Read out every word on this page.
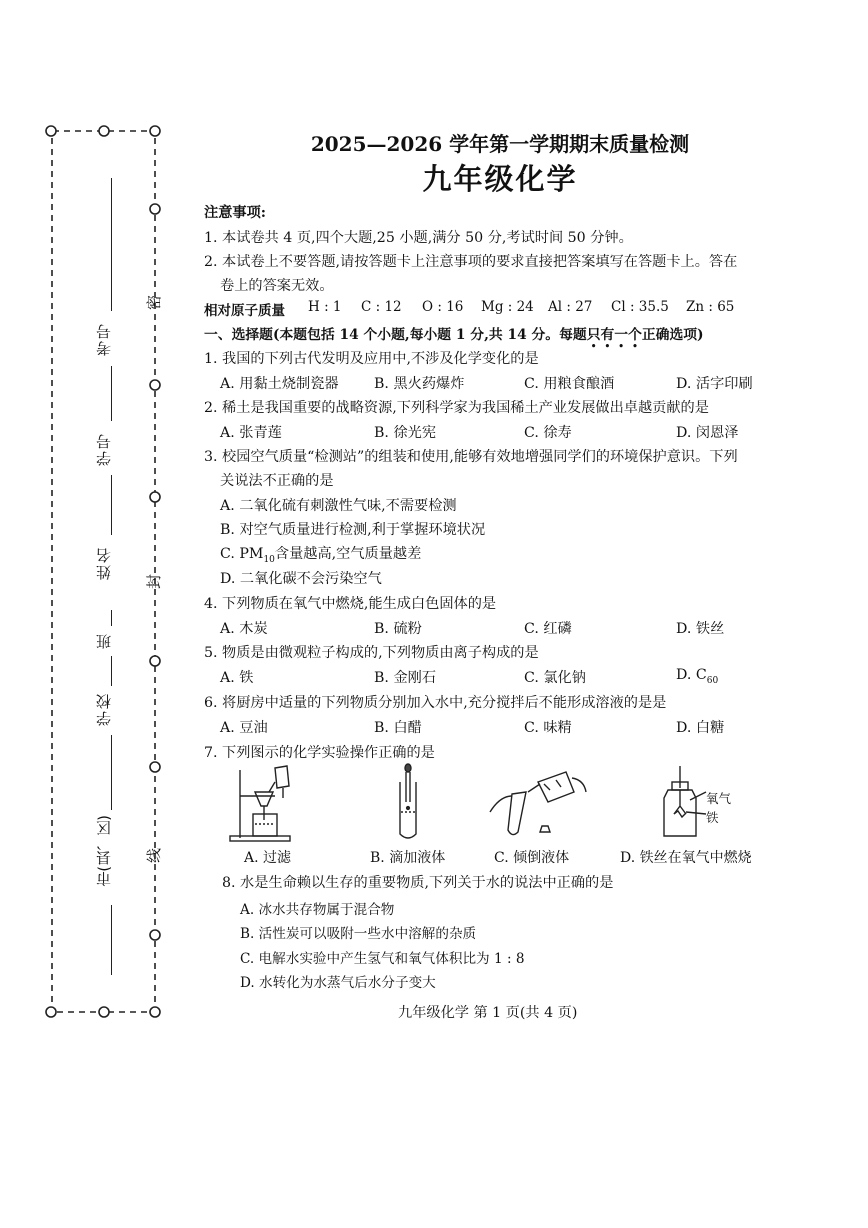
考号
学号
姓名
班
学校
市(县、区)
密
封
线
2025—2026 学年第一学期期末质量检测
九年级化学
注意事项:
1. 本试卷共 4 页,四个大题,25 小题,满分 50 分,考试时间 50 分钟。
2. 本试卷上不要答题,请按答题卡上注意事项的要求直接把答案填写在答题卡上。答在
卷上的答案无效。
相对原子质量 H : 1 C : 12 O : 16 Mg : 24 Al : 27 Cl : 35.5 Zn : 65
一、选择题(本题包括 14 个小题,每小题 1 分,共 14 分。每题只有一个正确选项)
1. 我国的下列古代发明及应用中,不涉及化学变化的是
A. 用黏土烧制瓷器 B. 黑火药爆炸	C. 用粮食酿酒	D. 活字印刷
2. 稀土是我国重要的战略资源,下列科学家为我国稀土产业发展做出卓越贡献的是
A. 张青莲	B. 徐光宪	C. 徐寿	D. 闵恩泽
3. 校园空气质量“检测站”的组装和使用,能够有效地增强同学们的环境保护意识。下列
关说法不正确的是
A. 二氧化硫有刺激性气味,不需要检测
B. 对空气质量进行检测,利于掌握环境状况
C. $PM_{10}$含量越高,空气质量越差
D. 二氧化碳不会污染空气
4. 下列物质在氧气中燃烧,能生成白色固体的是
A. 木炭	B. 硫粉	C. 红磷	D. 铁丝
5. 物质是由微观粒子构成的,下列物质由离子构成的是
A. 铁	B. 金刚石	C. 氯化钠	D. $C_{60}$
6. 将厨房中适量的下列物质分别加入水中,充分搅拌后不能形成溶液的是是
A. 豆油	B. 白醋	C. 味精	D. 白糖
7. 下列图示的化学实验操作正确的是
A. 过滤	B. 滴加液体	C. 倾倒液体
氧气
铁
D. 铁丝在氧气中燃烧
8. 水是生命赖以生存的重要物质,下列关于水的说法中正确的是
A. 冰水共存物属于混合物
B. 活性炭可以吸附一些水中溶解的杂质
C. 电解水实验中产生氢气和氧气体积比为 1 : 8
D. 水转化为水蒸气后水分子变大
九年级化学 第 1 页(共 4 页)
